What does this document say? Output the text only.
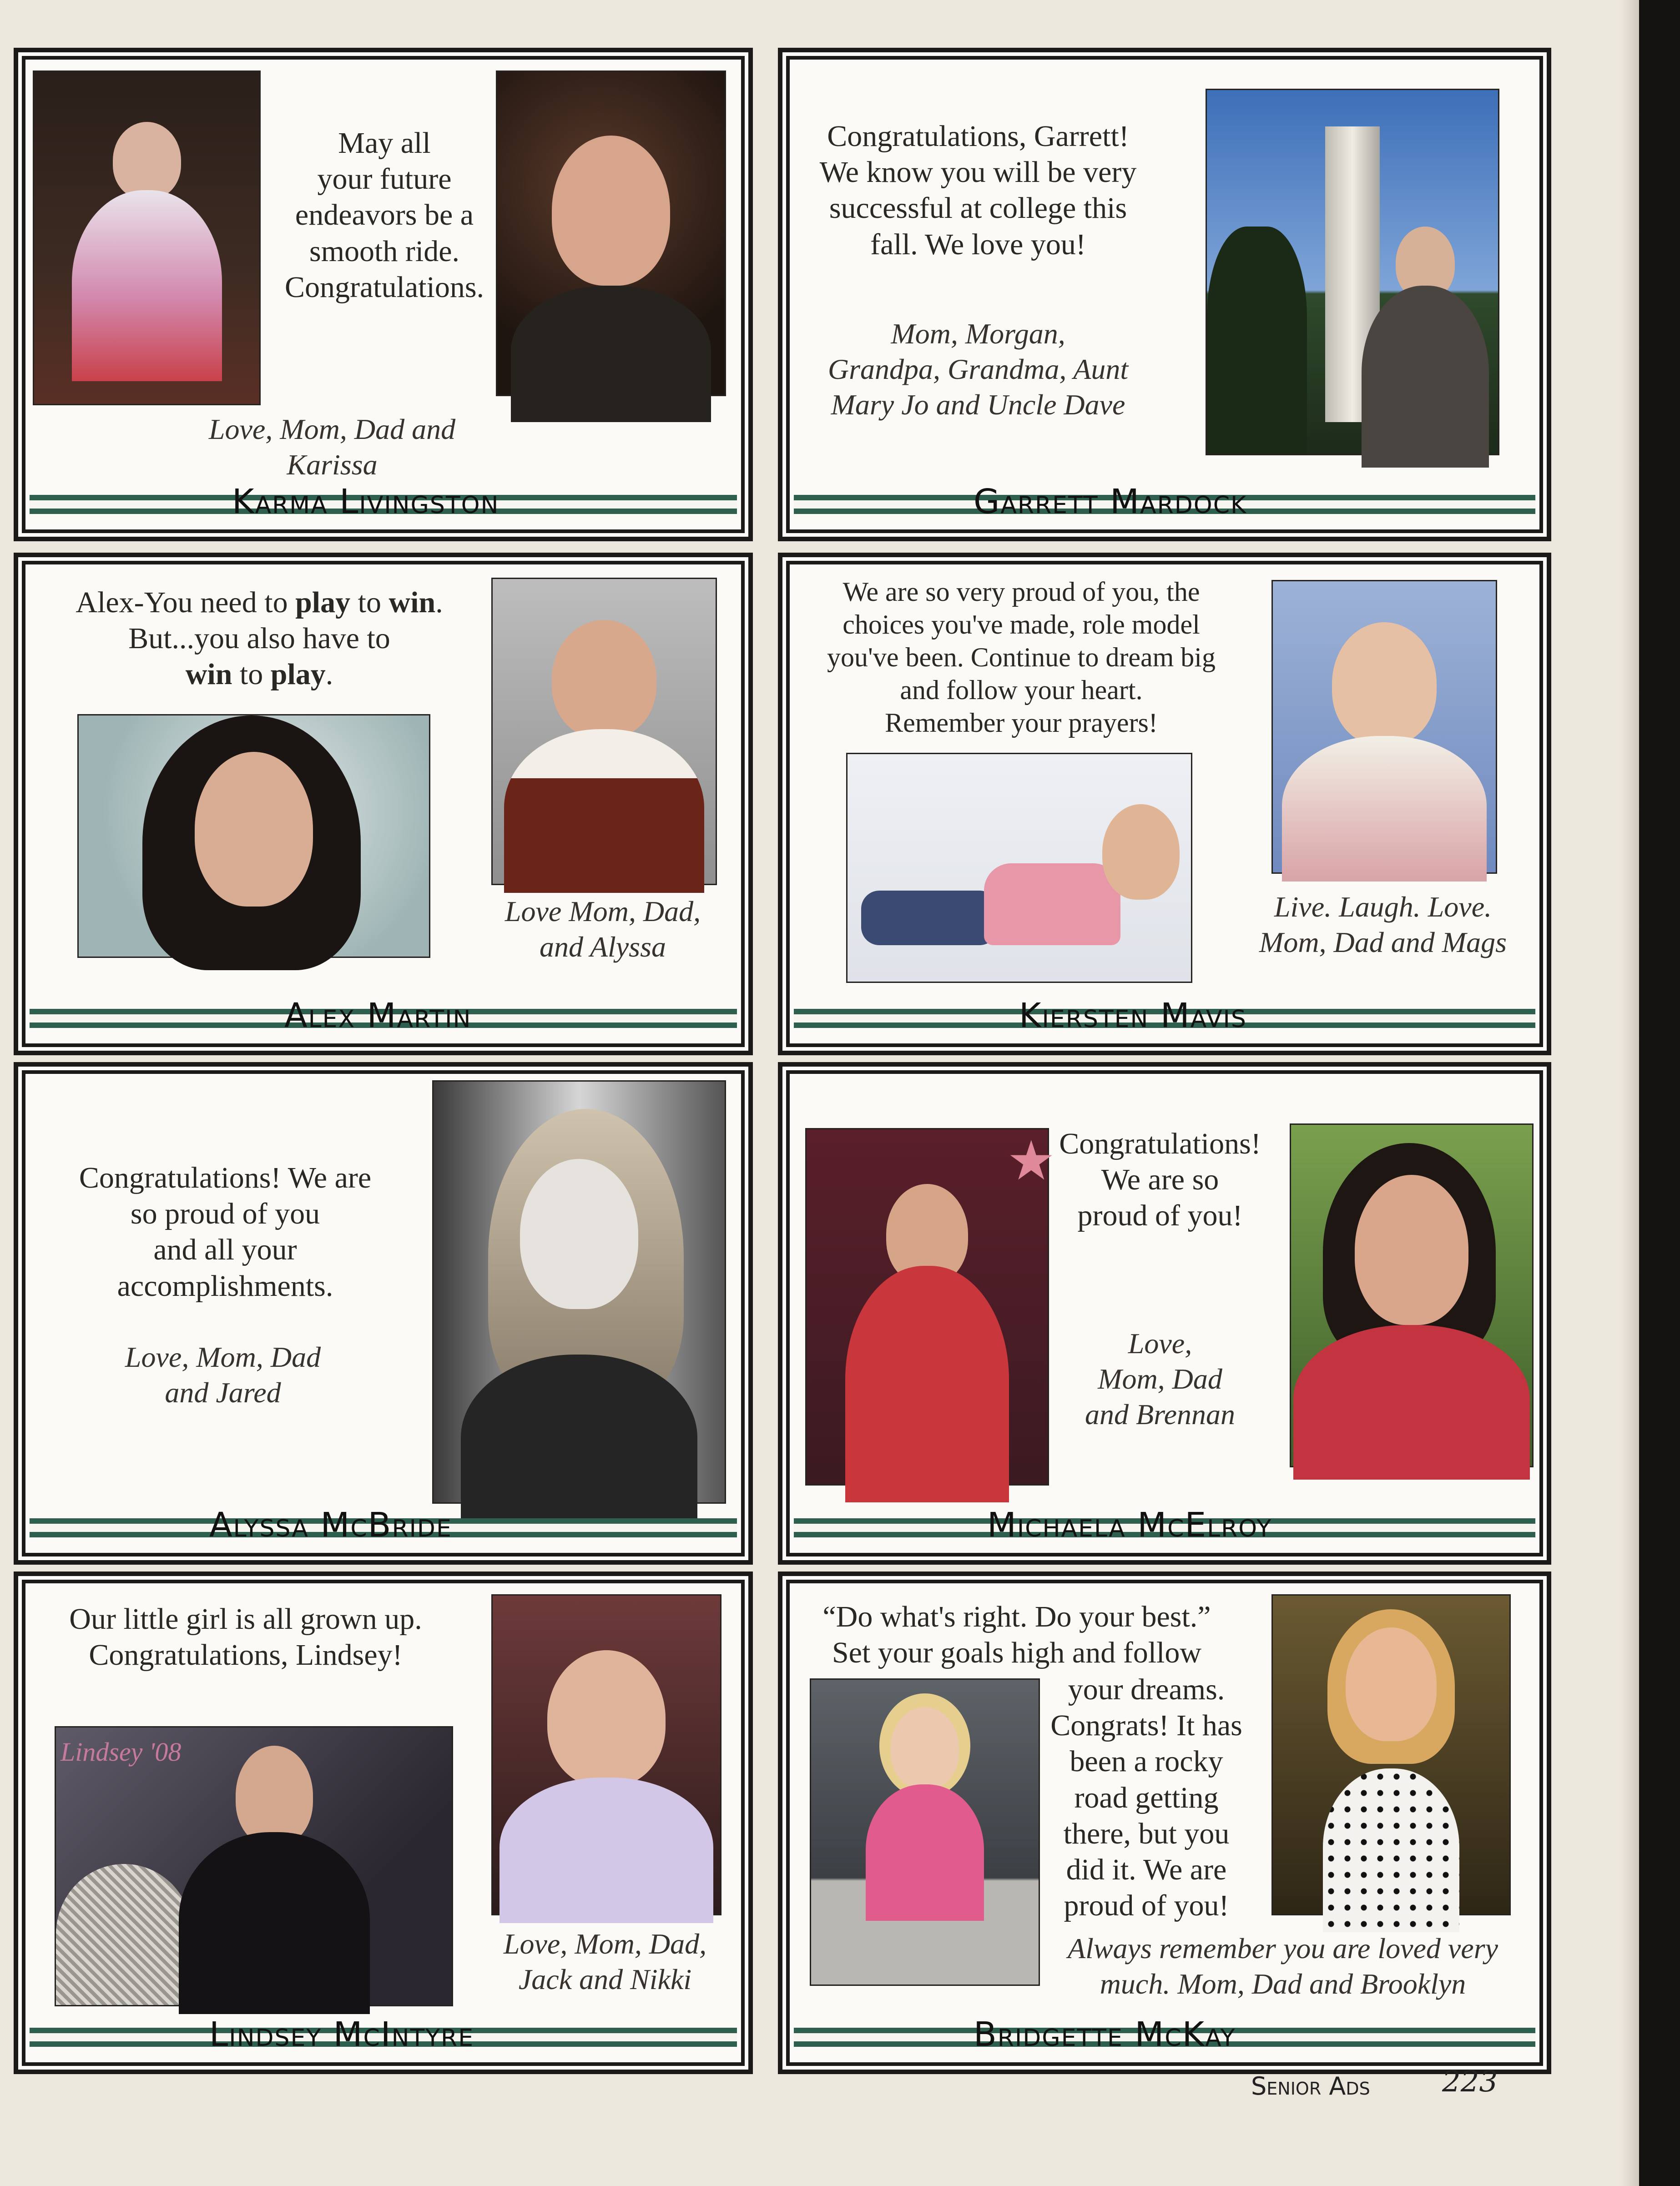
May all
your future
endeavors be a
smooth ride.
Congratulations.

Love, Mom, Dad and Karissa

Karma Livingston

Congratulations, Garrett!
We know you will be very
successful at college this
fall. We love you!

Mom, Morgan,
Grandpa, Grandma, Aunt
Mary Jo and Uncle Dave

Garrett Mardock

Alex-You need to play to win.
But...you also have to
win to play.

Love Mom, Dad,
and Alyssa

Alex Martin

We are so very proud of you, the
choices you've made, role model
you've been. Continue to dream big
and follow your heart.
Remember your prayers!

Live. Laugh. Love.
Mom, Dad and Mags

Kiersten Mavis

Congratulations! We are
so proud of you
and all your
accomplishments.

Love, Mom, Dad
and Jared

Alyssa McBride
★ Congratulations!
We are so
proud of you!

Love,
Mom, Dad
and Brennan

Michaela McElroy

Our little girl is all grown up.
Congratulations, Lindsey!

Lindsey '08

Love, Mom, Dad,
Jack and Nikki

Lindsey McIntyre

“Do what's right. Do your best.”
Set your goals high and follow

your dreams.
Congrats! It has
been a rocky
road getting
there, but you
did it. We are
proud of you!

Always remember you are loved very
much. Mom, Dad and Brooklyn

Bridgette McKay
Senior Ads 223
